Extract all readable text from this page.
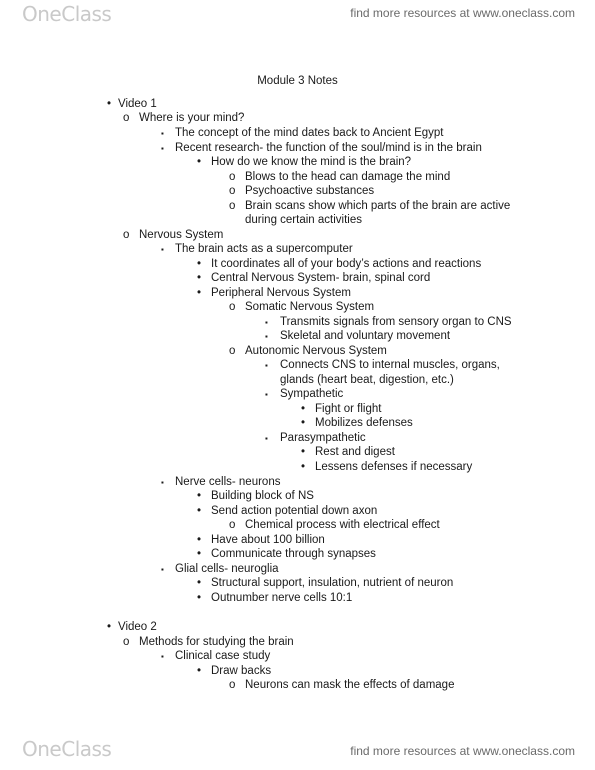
OneClass	find more resources at www.oneclass.com
Module 3 Notes
• Video 1
o Where is your mind?
▪ The concept of the mind dates back to Ancient Egypt
▪ Recent research- the function of the soul/mind is in the brain
• How do we know the mind is the brain?
o Blows to the head can damage the mind
o Psychoactive substances
o Brain scans show which parts of the brain are active
during certain activities
o Nervous System
▪ The brain acts as a supercomputer
• It coordinates all of your body’s actions and reactions
• Central Nervous System- brain, spinal cord
• Peripheral Nervous System
o Somatic Nervous System
▪ Transmits signals from sensory organ to CNS
▪ Skeletal and voluntary movement
o Autonomic Nervous System
▪ Connects CNS to internal muscles, organs,
glands (heart beat, digestion, etc.)
▪ Sympathetic
• Fight or flight
• Mobilizes defenses
▪ Parasympathetic
• Rest and digest
• Lessens defenses if necessary
▪ Nerve cells- neurons
• Building block of NS
• Send action potential down axon
o Chemical process with electrical effect
• Have about 100 billion
• Communicate through synapses
▪ Glial cells- neuroglia
• Structural support, insulation, nutrient of neuron
• Outnumber nerve cells 10:1
• Video 2
o Methods for studying the brain
▪ Clinical case study
• Draw backs
o Neurons can mask the effects of damage
OneClass	find more resources at www.oneclass.com
